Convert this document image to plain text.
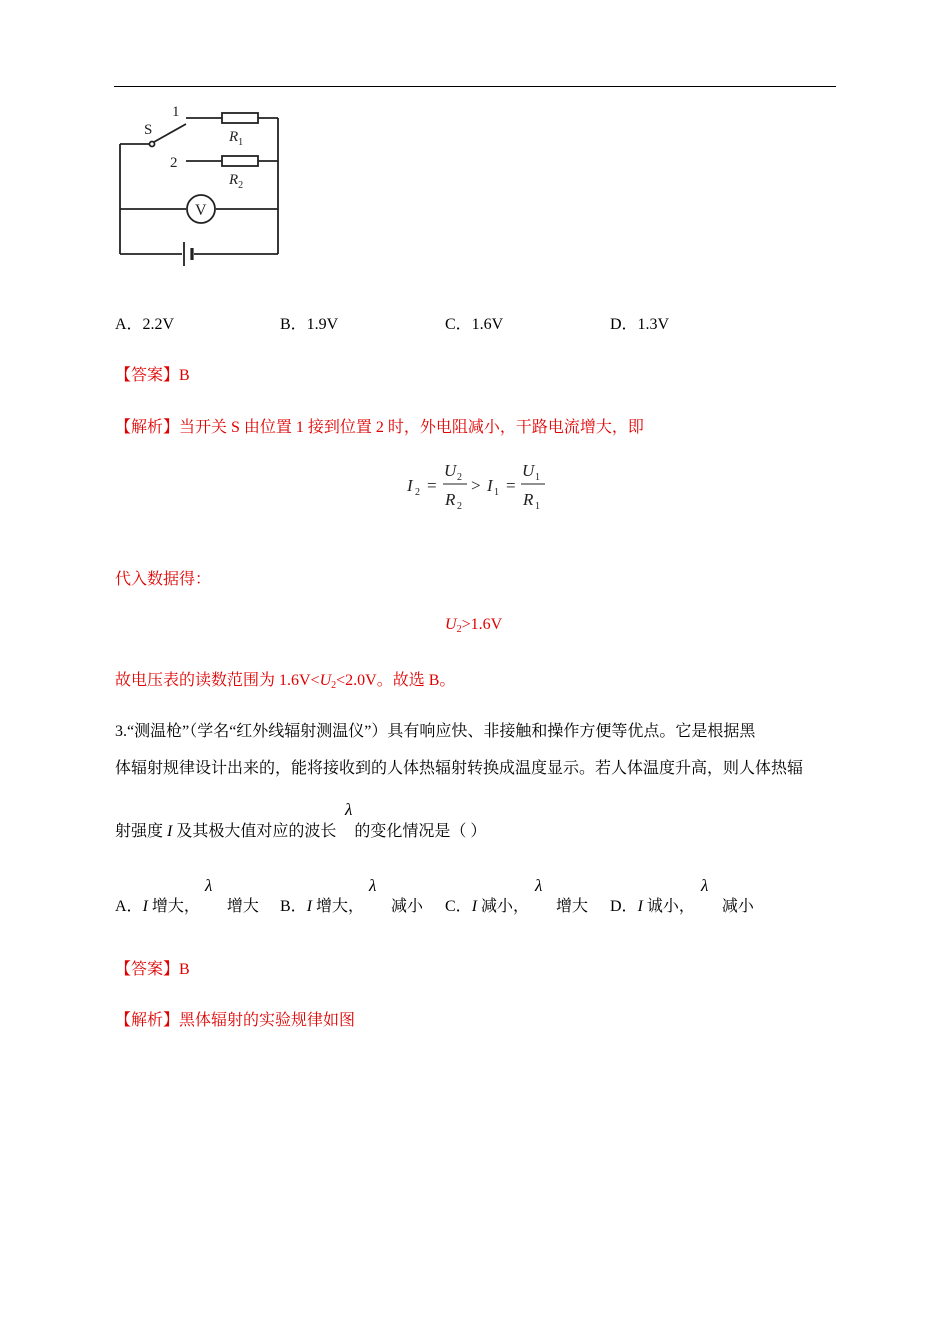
S
1
2
$R_1$
$R_2$
V
A．2.2V	B．1.9V	C．1.6V	D．1.3V
【答案】B
【解析】当开关 S 由位置 1 接到位置 2 时，外电阻减小，干路电流增大，即
I 2 =
U 2
R 2
> I 1 =
U 1
R 1
代入数据得：
$U_2>1.6V$
故电压表的读数范围为 $1.6V<U_2<2.0V$。故选 B。
3.“测温枪”（学名“红外线辐射测温仪”）具有响应快、非接触和操作方便等优点。它是根据黑
体辐射规律设计出来的，能将接收到的人体热辐射转换成温度显示。若人体温度升高，则人体热辐
射强度 I 及其极大值对应的波长 的变化情况是（ ）
λ
A．I 增大， 增大
λ
B．I 增大， 减小
λ
C．I 减小， 增大
λ
D．I 诚小， 减小
λ
【答案】B
【解析】黑体辐射的实验规律如图
